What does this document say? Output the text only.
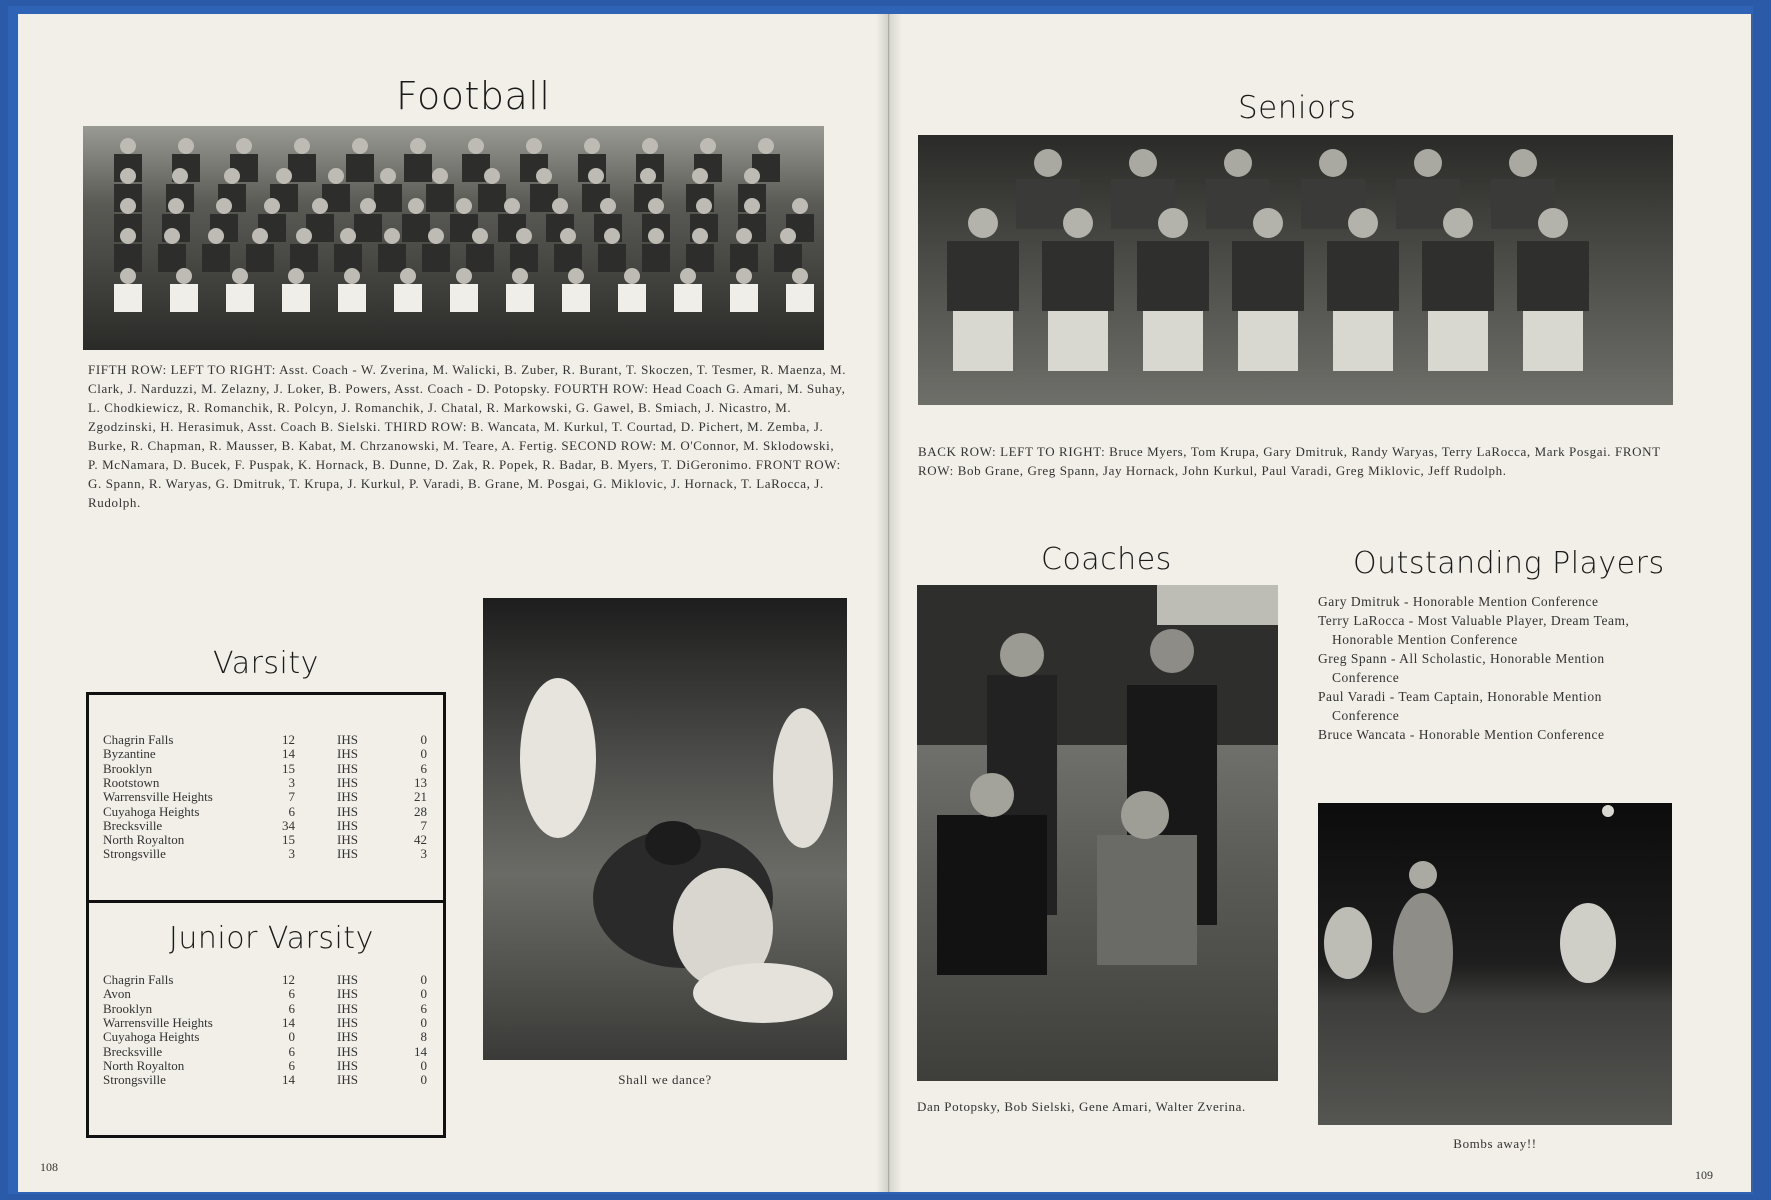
Football
FIFTH ROW: LEFT TO RIGHT: Asst. Coach - W. Zverina, M. Walicki, B. Zuber, R. Burant, T. Skoczen, T. Tesmer, R. Maenza, M. Clark, J. Narduzzi, M. Zelazny, J. Loker, B. Powers, Asst. Coach - D. Potopsky. FOURTH ROW: Head Coach G. Amari, M. Suhay, L. Chodkiewicz, R. Romanchik, R. Polcyn, J. Romanchik, J. Chatal, R. Markowski, G. Gawel, B. Smiach, J. Nicastro, M. Zgodzinski, H. Herasimuk, Asst. Coach B. Sielski. THIRD ROW: B. Wancata, M. Kurkul, T. Courtad, D. Pichert, M. Zemba, J. Burke, R. Chapman, R. Mausser, B. Kabat, M. Chrzanowski, M. Teare, A. Fertig. SECOND ROW: M. O'Connor, M. Sklodowski, P. McNamara, D. Bucek, F. Puspak, K. Hornack, B. Dunne, D. Zak, R. Popek, R. Badar, B. Myers, T. DiGeronimo. FRONT ROW: G. Spann, R. Waryas, G. Dmitruk, T. Krupa, J. Kurkul, P. Varadi, B. Grane, M. Posgai, G. Miklovic, J. Hornack, T. LaRocca, J. Rudolph.
Varsity
Chagrin Falls	12	IHS	0
Byzantine	14	IHS	0
Brooklyn	15	IHS	6
Rootstown	3	IHS	13
Warrensville Heights	7	IHS	21
Cuyahoga Heights	6	IHS	28
Brecksville	34	IHS	7
North Royalton	15	IHS	42
Strongsville	3	IHS	3
Junior Varsity
Chagrin Falls	12	IHS	0
Avon	6	IHS	0
Brooklyn	6	IHS	6
Warrensville Heights	14	IHS	0
Cuyahoga Heights	0	IHS	8
Brecksville	6	IHS	14
North Royalton	6	IHS	0
Strongsville	14	IHS	0	Shall we dance?
108
Seniors
BACK ROW: LEFT TO RIGHT: Bruce Myers, Tom Krupa, Gary Dmitruk, Randy Waryas, Terry LaRocca, Mark Posgai. FRONT ROW: Bob Grane, Greg Spann, Jay Hornack, John Kurkul, Paul Varadi, Greg Miklovic, Jeff Rudolph.
Coaches
Dan Potopsky, Bob Sielski, Gene Amari, Walter Zverina.
Outstanding Players
Gary Dmitruk - Honorable Mention Conference
Terry LaRocca - Most Valuable Player, Dream Team, Honorable Mention Conference
Greg Spann - All Scholastic, Honorable Mention Conference
Paul Varadi - Team Captain, Honorable Mention Conference
Bruce Wancata - Honorable Mention Conference
Bombs away!!
109
